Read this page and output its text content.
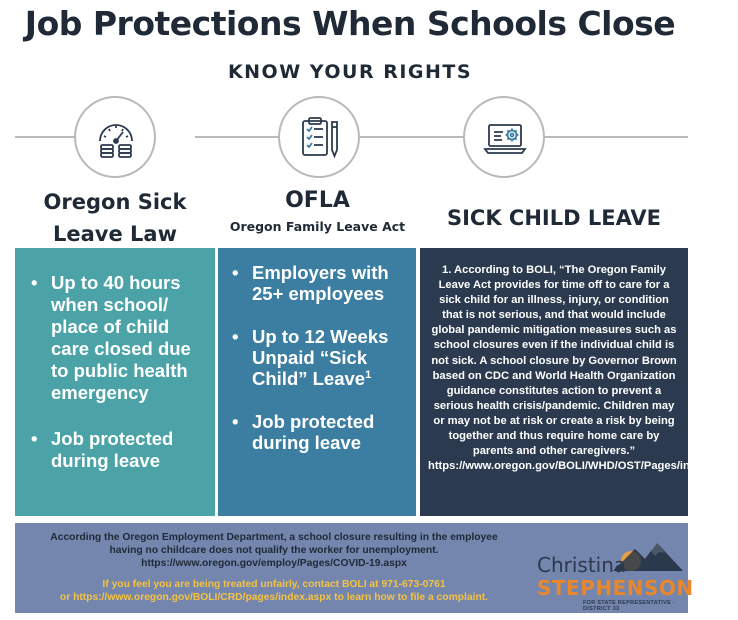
Job Protections When Schools Close
KNOW YOUR RIGHTS
Oregon Sick
Leave Law
OFLA
Oregon Family Leave Act	SICK CHILD LEAVE
• Up to 40 hours when school/ place of child care closed due to public health emergency
• Job protected during leave
• Employers with 25+ employees
• Up to 12 Weeks Unpaid “Sick Child” Leave$^1$
• Job protected during leave
1. According to BOLI, “The Oregon Family Leave Act provides for time off to care for a sick child for an illness, injury, or condition that is not serious, and that would include global pandemic mitigation measures such as school closures even if the individual child is not sick. A school closure by Governor Brown based on CDC and World Health Organization guidance constitutes action to prevent a serious health crisis/pandemic. Children may or may not be at risk or create a risk by being together and thus require home care by parents and other caregivers.” https://www.oregon.gov/BOLI/WHD/OST/Pages/index.aspx
According the Oregon Employment Department, a school closure resulting in the employee
having no childcare does not qualify the worker for unemployment.
https://www.oregon.gov/employ/Pages/COVID-19.aspx
If you feel you are being treated unfairly, contact BOLI at 971-673-0761
or https://www.oregon.gov/BOLI/CRD/pages/index.aspx to learn how to file a complaint.
Christina
STEPHENSON
FOR STATE REPRESENTATIVE · DISTRICT 33
